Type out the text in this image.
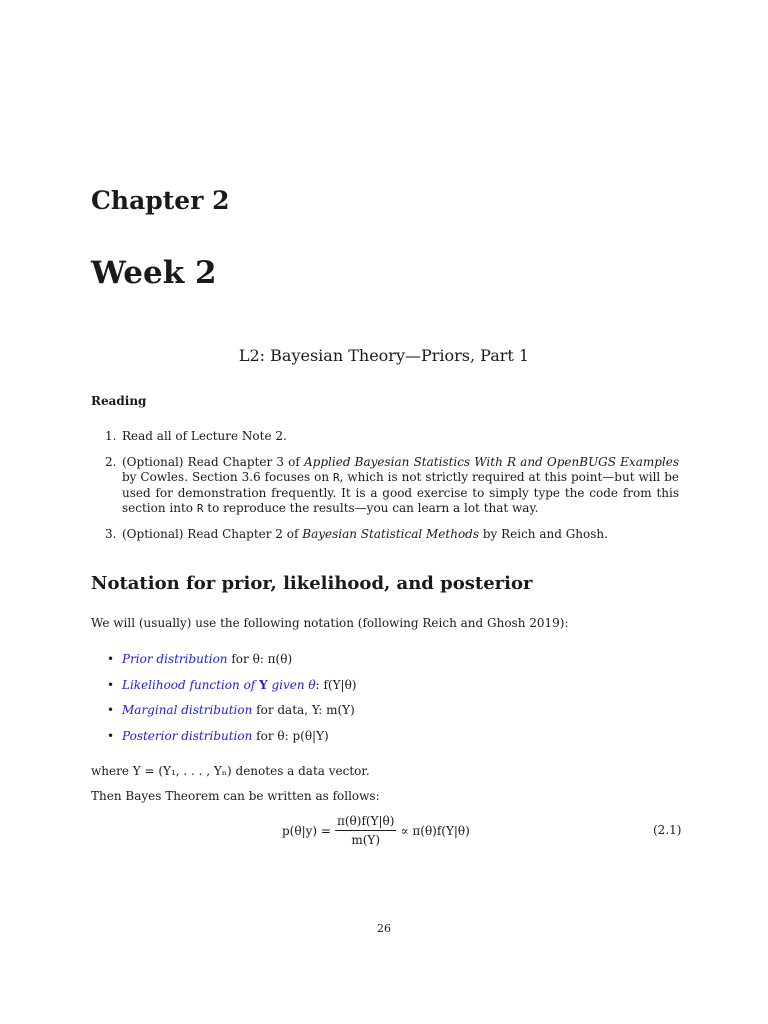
Chapter 2
Week 2
L2: Bayesian Theory—Priors, Part 1
Reading
1. Read all of Lecture Note 2.
2. (Optional) Read Chapter 3 of Applied Bayesian Statistics With R and OpenBUGS Examples by Cowles. Section 3.6 focuses on R, which is not strictly required at this point—but will be used for demonstration frequently. It is a good exercise to simply type the code from this section into R to reproduce the results—you can learn a lot that way.
3. (Optional) Read Chapter 2 of Bayesian Statistical Methods by Reich and Ghosh.
Notation for prior, likelihood, and posterior
We will (usually) use the following notation (following Reich and Ghosh 2019):
• Prior distribution for θ: π(θ)
• Likelihood function of Y given θ: f(Y|θ)
• Marginal distribution for data, Y: m(Y)
• Posterior distribution for θ: p(θ|Y)
where Y = (Y₁, . . . , Yₙ) denotes a data vector.
Then Bayes Theorem can be written as follows:
$p(\theta|y) = \frac{\pi(\theta)f(Y|\theta)}{m(Y)} \propto \pi(\theta)f(Y|\theta)$	(2.1)
26
